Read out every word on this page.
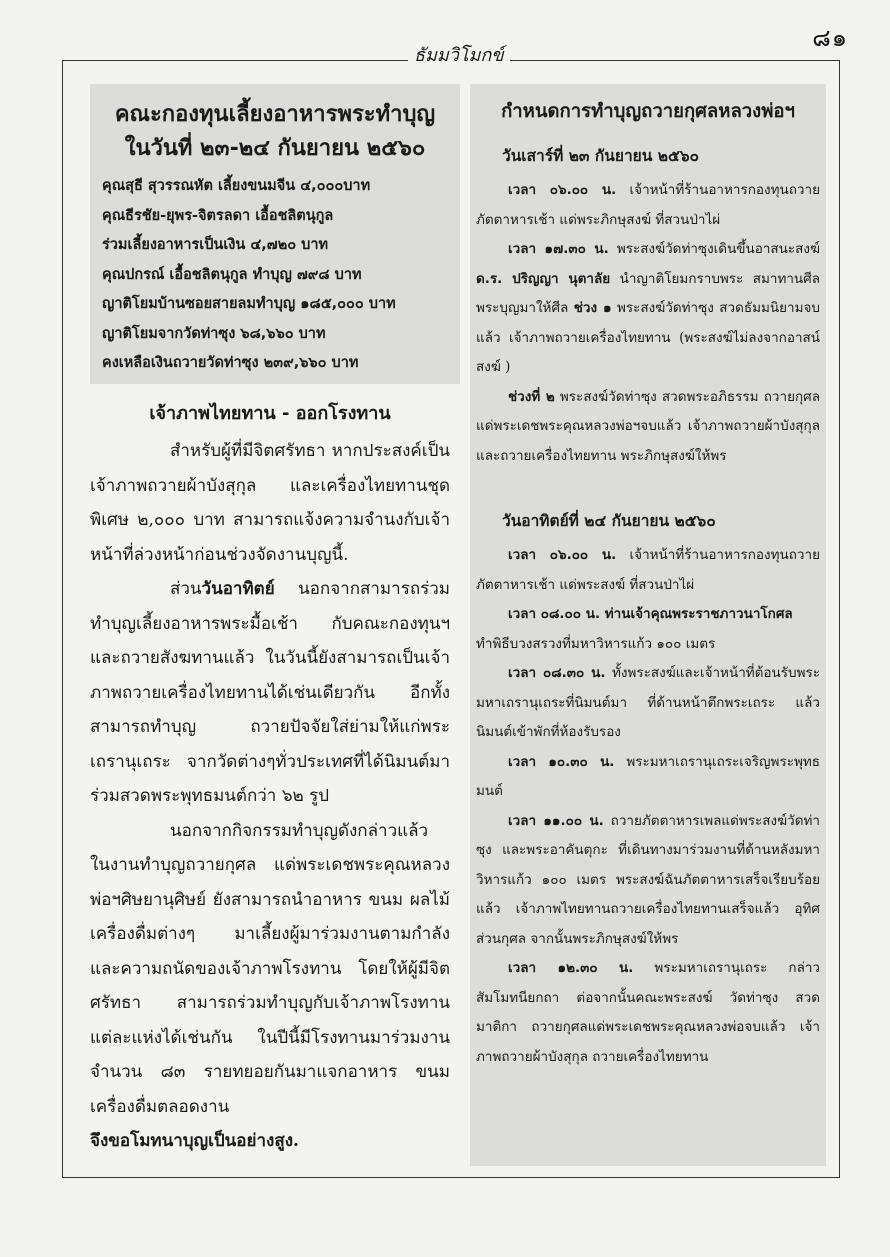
๘๑
ธัมมวิโมกข์

คณะกองทุนเลี้ยงอาหารพระทำบุญ

ในวันที่ ๒๓-๒๔ กันยายน ๒๕๖๐

คุณสุธี สุวรรณหัต เลี้ยงขนมจีน ๔,๐๐๐บาท

คุณธีรชัย-ยุพร-จิตรลดา เอื้อชลิตนุกูล

ร่วมเลี้ยงอาหารเป็นเงิน ๔,๗๒๐ บาท

คุณปกรณ์ เอื้อชลิตนุกูล ทำบุญ ๗๙๘ บาท

ญาติโยมบ้านซอยสายลมทำบุญ ๑๘๕,๐๐๐ บาท

ญาติโยมจากวัดท่าซุง ๖๘,๖๖๐ บาท

คงเหลือเงินถวายวัดท่าซุง ๒๓๙,๖๖๐ บาท

เจ้าภาพไทยทาน - ออกโรงทาน

สำหรับผู้ที่มีจิตศรัทธา หากประสงค์เป็นเจ้าภาพถวายผ้าบังสุกุล และเครื่องไทยทานชุดพิเศษ ๒,๐๐๐ บาท สามารถแจ้งความจำนงกับเจ้าหน้าที่ล่วงหน้าก่อนช่วงจัดงานบุญนี้.

ส่วนวันอาทิตย์ นอกจากสามารถร่วมทำบุญเลี้ยงอาหารพระมื้อเช้า กับคณะกองทุนฯ และถวายสังฆทานแล้ว ในวันนี้ยังสามารถเป็นเจ้าภาพถวายเครื่องไทยทานได้เช่นเดียวกัน อีกทั้งสามารถทำบุญ ถวายปัจจัยใส่ย่ามให้แก่พระเถรานุเถระ จากวัดต่างๆทั่วประเทศที่ได้นิมนต์มาร่วมสวดพระพุทธมนต์กว่า ๖๒ รูป

นอกจากกิจกรรมทำบุญดังกล่าวแล้ว ในงานทำบุญถวายกุศล แด่พระเดชพระคุณหลวงพ่อฯศิษยานุศิษย์ ยังสามารถนำอาหาร ขนม ผลไม้ เครื่องดื่มต่างๆ มาเลี้ยงผู้มาร่วมงานตามกำลัง และความถนัดของเจ้าภาพโรงทาน โดยให้ผู้มีจิตศรัทธา สามารถร่วมทำบุญกับเจ้าภาพโรงทานแต่ละแห่งได้เช่นกัน ในปีนี้มีโรงทานมาร่วมงานจำนวน ๘๓ รายทยอยกันมาแจกอาหาร ขนม เครื่องดื่มตลอดงาน

จึงขอโมทนาบุญเป็นอย่างสูง.

กำหนดการทำบุญถวายกุศลหลวงพ่อฯ

วันเสาร์ที่ ๒๓ กันยายน ๒๕๖๐

เวลา ๐๖.๐๐ น. เจ้าหน้าที่ร้านอาหารกองทุนถวายภัตตาหารเช้า แด่พระภิกษุสงฆ์ ที่สวนป่าไผ่

เวลา ๑๗.๓๐ น. พระสงฆ์วัดท่าซุงเดินขึ้นอาสนะสงฆ์ ด.ร. ปริญญา นุตาลัย นำญาติโยมกราบพระ สมาทานศีล พระบุญมาให้ศีล ช่วง ๑ พระสงฆ์วัดท่าซุง สวดธัมมนิยามจบแล้ว เจ้าภาพถวายเครื่องไทยทาน (พระสงฆ์ไม่ลงจากอาสน์สงฆ์ )

ช่วงที่ ๒ พระสงฆ์วัดท่าซุง สวดพระอภิธรรม ถวายกุศล แด่พระเดชพระคุณหลวงพ่อฯจบแล้ว เจ้าภาพถวายผ้าบังสุกุล และถวายเครื่องไทยทาน พระภิกษุสงฆ์ให้พร

วันอาทิตย์ที่ ๒๔ กันยายน ๒๕๖๐

เวลา ๐๖.๐๐ น. เจ้าหน้าที่ร้านอาหารกองทุนถวายภัตตาหารเช้า แด่พระสงฆ์ ที่สวนป่าไผ่

เวลา ๐๘.๐๐ น. ท่านเจ้าคุณพระราชภาวนาโกศล

ทำพิธีบวงสรวงที่มหาวิหารแก้ว ๑๐๐ เมตร

เวลา ๐๘.๓๐ น. ทั้งพระสงฆ์และเจ้าหน้าที่ต้อนรับพระมหาเถรานุเถระที่นิมนต์มา ที่ด้านหน้าตึกพระเถระ แล้วนิมนต์เข้าพักที่ห้องรับรอง

เวลา ๑๐.๓๐ น. พระมหาเถรานุเถระเจริญพระพุทธมนต์

เวลา ๑๑.๐๐ น. ถวายภัตตาหารเพลแด่พระสงฆ์วัดท่าซุง และพระอาคันตุกะ ที่เดินทางมาร่วมงานที่ด้านหลังมหาวิหารแก้ว ๑๐๐ เมตร พระสงฆ์ฉันภัตตาหารเสร็จเรียบร้อยแล้ว เจ้าภาพไทยทานถวายเครื่องไทยทานเสร็จแล้ว อุทิศส่วนกุศล จากนั้นพระภิกษุสงฆ์ให้พร

เวลา ๑๒.๓๐ น. พระมหาเถรานุเถระ กล่าวสัมโมทนียกถา ต่อจากนั้นคณะพระสงฆ์ วัดท่าซุง สวดมาติกา ถวายกุศลแด่พระเดชพระคุณหลวงพ่อจบแล้ว เจ้าภาพถวายผ้าบังสุกุล ถวายเครื่องไทยทาน
